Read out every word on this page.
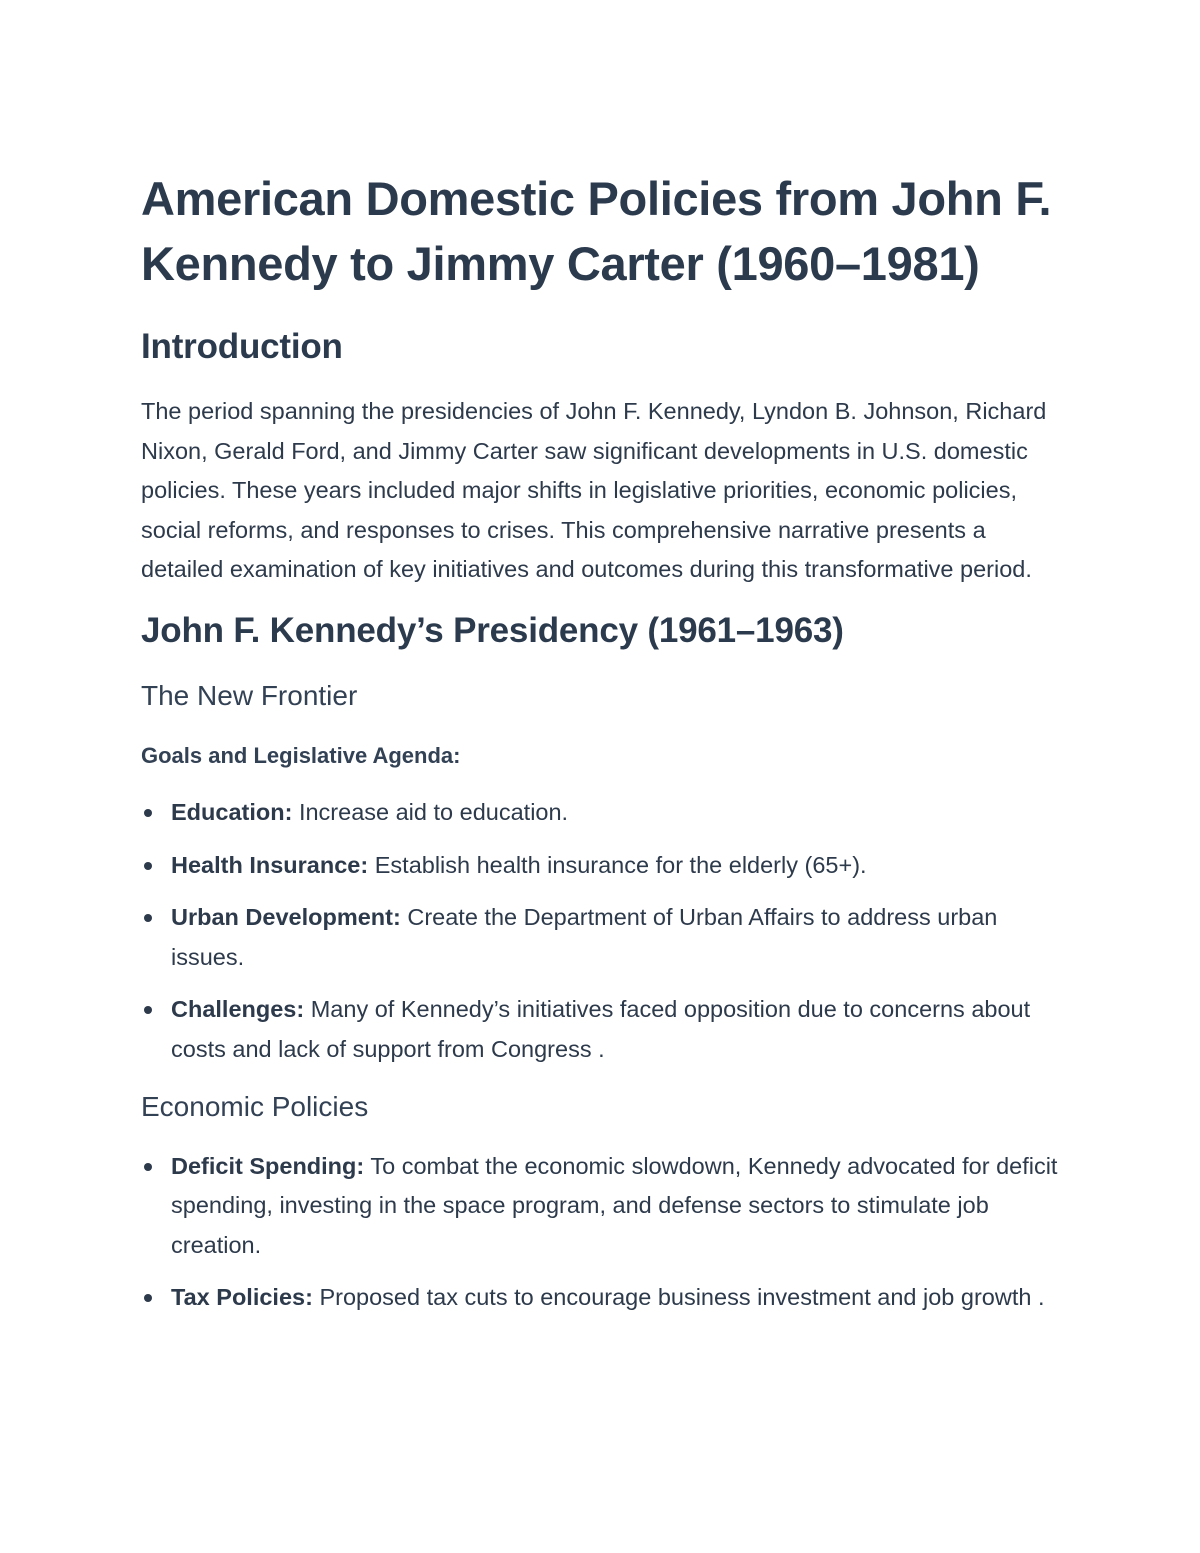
American Domestic Policies from John F. Kennedy to Jimmy Carter (1960–1981)
Introduction

The period spanning the presidencies of John F. Kennedy, Lyndon B. Johnson, Richard Nixon, Gerald Ford, and Jimmy Carter saw significant developments in U.S. domestic policies. These years included major shifts in legislative priorities, economic policies, social reforms, and responses to crises. This comprehensive narrative presents a detailed examination of key initiatives and outcomes during this transformative period.

John F. Kennedy’s Presidency (1961–1963)
The New Frontier
Goals and Legislative Agenda:
Education: Increase aid to education.
Health Insurance: Establish health insurance for the elderly (65+).
Urban Development: Create the Department of Urban Affairs to address urban issues.
Challenges: Many of Kennedy’s initiatives faced opposition due to concerns about costs and lack of support from Congress .
Economic Policies
Deficit Spending: To combat the economic slowdown, Kennedy advocated for deficit spending, investing in the space program, and defense sectors to stimulate job creation.
Tax Policies: Proposed tax cuts to encourage business investment and job growth .
